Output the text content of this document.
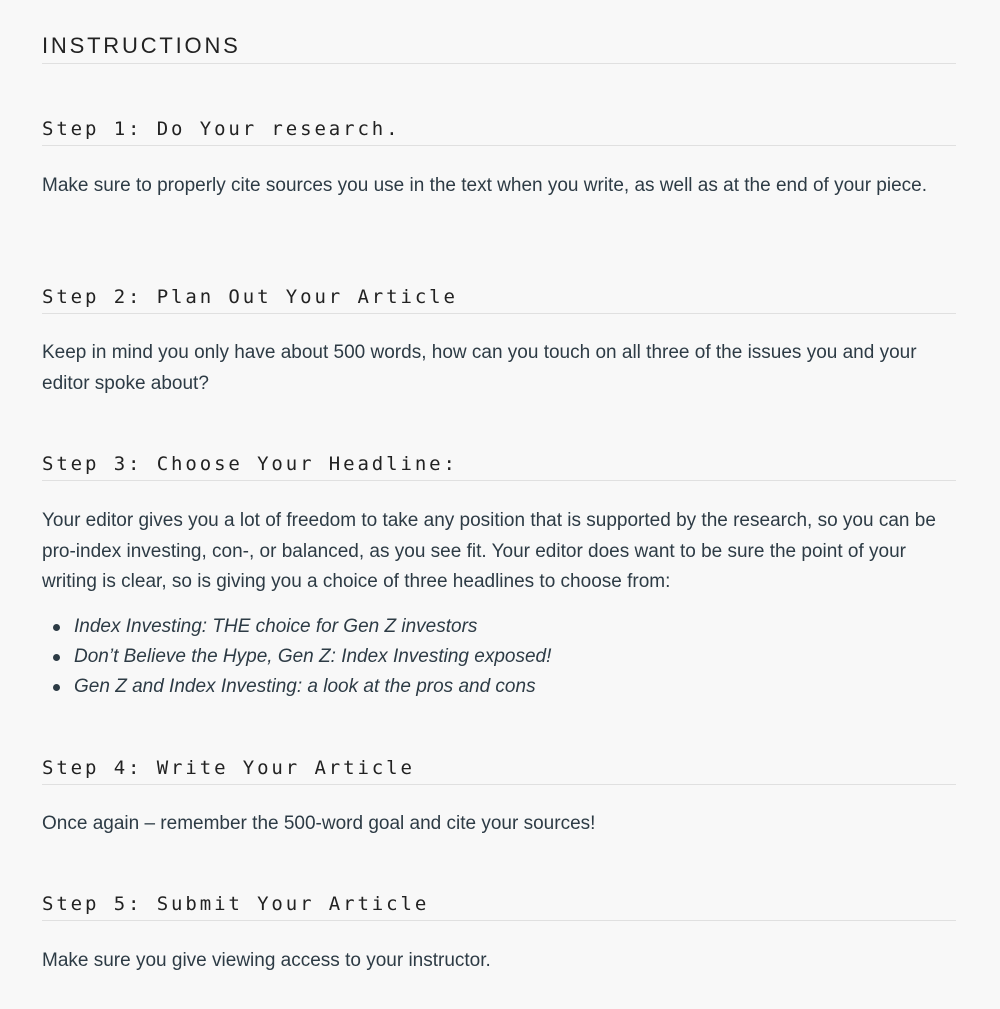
INSTRUCTIONS
Step 1: Do Your research.

Make sure to properly cite sources you use in the text when you write, as well as at the end of your piece.

Step 2: Plan Out Your Article

Keep in mind you only have about 500 words, how can you touch on all three of the issues you and your editor spoke about?

Step 3: Choose Your Headline:

Your editor gives you a lot of freedom to take any position that is supported by the research, so you can be pro-index investing, con-, or balanced, as you see fit. Your editor does want to be sure the point of your writing is clear, so is giving you a choice of three headlines to choose from:

Index Investing: THE choice for Gen Z investors
Don’t Believe the Hype, Gen Z: Index Investing exposed!
Gen Z and Index Investing: a look at the pros and cons
Step 4: Write Your Article

Once again – remember the 500-word goal and cite your sources!

Step 5: Submit Your Article

Make sure you give viewing access to your instructor.
